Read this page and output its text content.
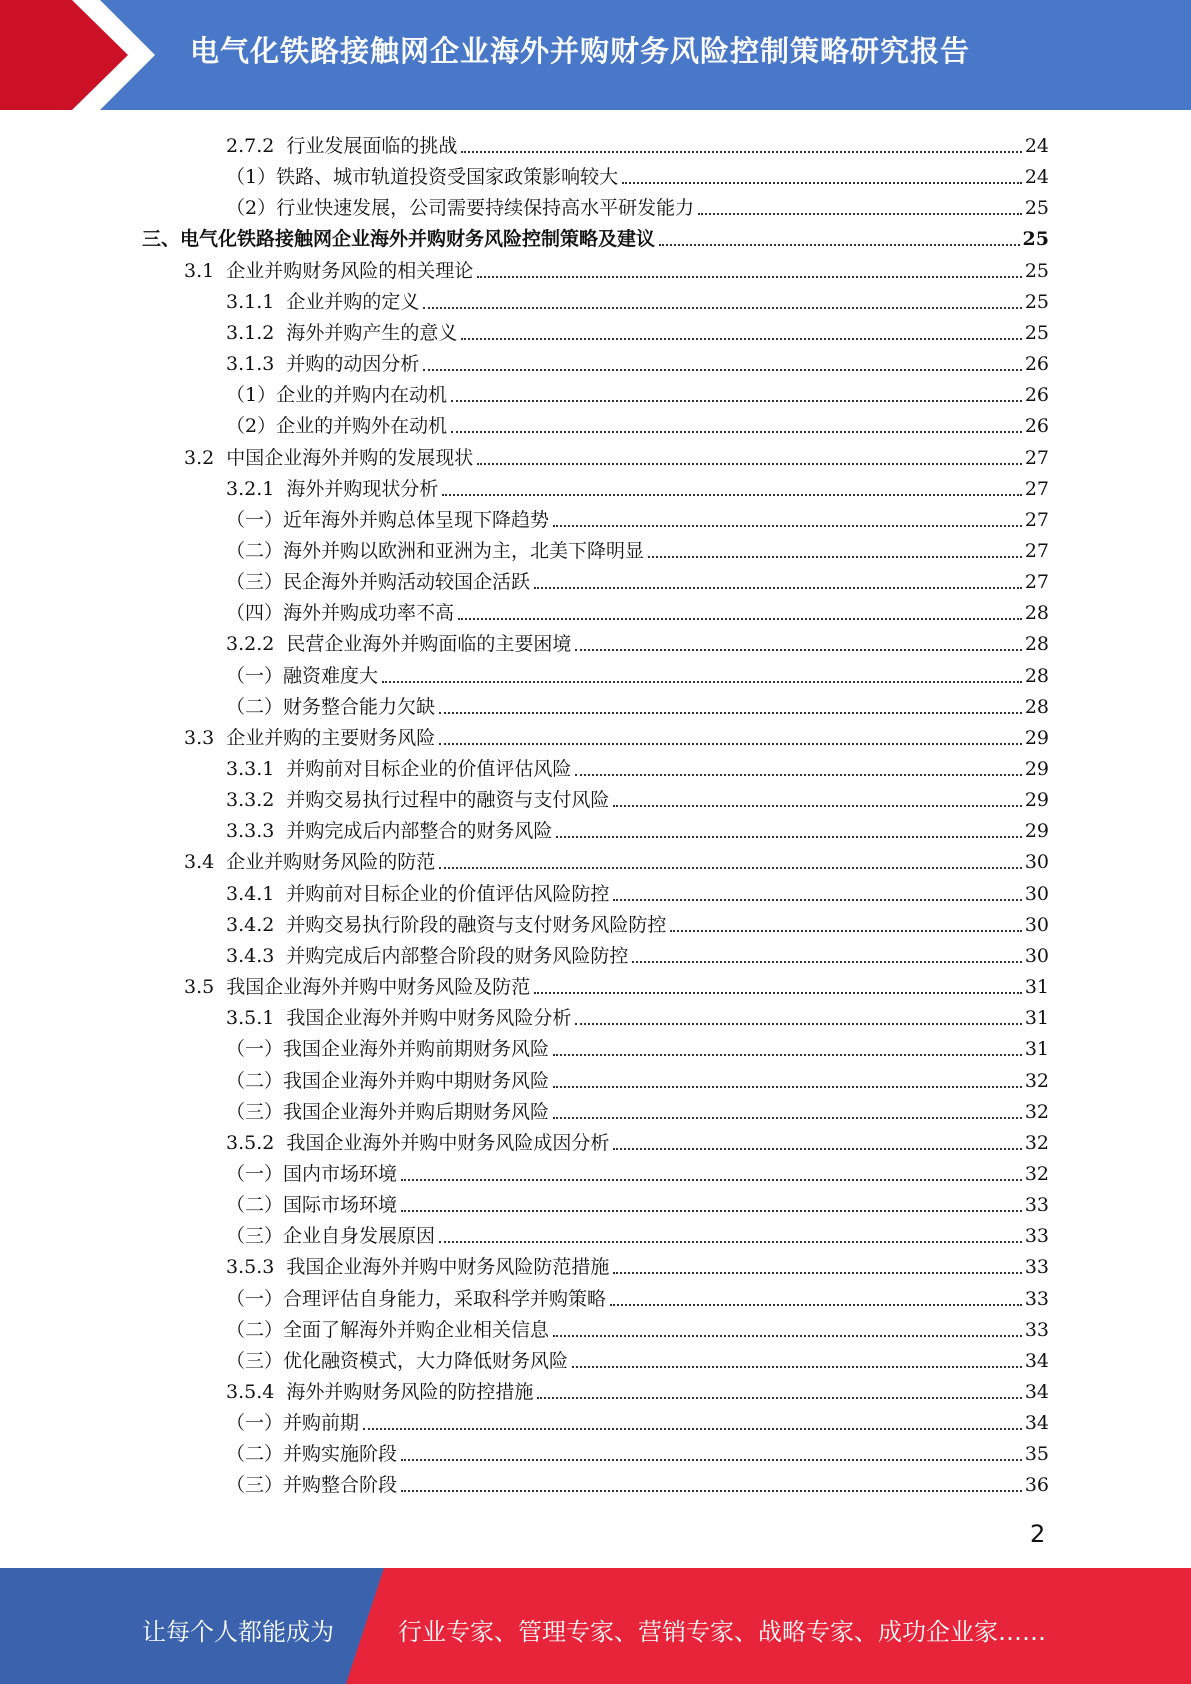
电气化铁路接触网企业海外并购财务风险控制策略研究报告
2.7.2  行业发展面临的挑战	24
（1）铁路、城市轨道投资受国家政策影响较大	24
（2）行业快速发展，公司需要持续保持高水平研发能力	25
三、电气化铁路接触网企业海外并购财务风险控制策略及建议	25
3.1  企业并购财务风险的相关理论	25
3.1.1  企业并购的定义	25
3.1.2  海外并购产生的意义	25
3.1.3  并购的动因分析	26
（1）企业的并购内在动机	26
（2）企业的并购外在动机	26
3.2  中国企业海外并购的发展现状	27
3.2.1  海外并购现状分析	27
（一）近年海外并购总体呈现下降趋势	27
（二）海外并购以欧洲和亚洲为主，北美下降明显	27
（三）民企海外并购活动较国企活跃	27
（四）海外并购成功率不高	28
3.2.2  民营企业海外并购面临的主要困境	28
（一）融资难度大	28
（二）财务整合能力欠缺	28
3.3  企业并购的主要财务风险	29
3.3.1  并购前对目标企业的价值评估风险	29
3.3.2  并购交易执行过程中的融资与支付风险	29
3.3.3  并购完成后内部整合的财务风险	29
3.4  企业并购财务风险的防范	30
3.4.1  并购前对目标企业的价值评估风险防控	30
3.4.2  并购交易执行阶段的融资与支付财务风险防控	30
3.4.3  并购完成后内部整合阶段的财务风险防控	30
3.5  我国企业海外并购中财务风险及防范	31
3.5.1  我国企业海外并购中财务风险分析	31
（一）我国企业海外并购前期财务风险	31
（二）我国企业海外并购中期财务风险	32
（三）我国企业海外并购后期财务风险	32
3.5.2  我国企业海外并购中财务风险成因分析	32
（一）国内市场环境	32
（二）国际市场环境	33
（三）企业自身发展原因	33
3.5.3  我国企业海外并购中财务风险防范措施	33
（一）合理评估自身能力，采取科学并购策略	33
（二）全面了解海外并购企业相关信息	33
（三）优化融资模式，大力降低财务风险	34
3.5.4  海外并购财务风险的防控措施	34
（一）并购前期	34
（二）并购实施阶段	35
（三）并购整合阶段	36
2
让每个人都能成为	行业专家、管理专家、营销专家、战略专家、成功企业家……
